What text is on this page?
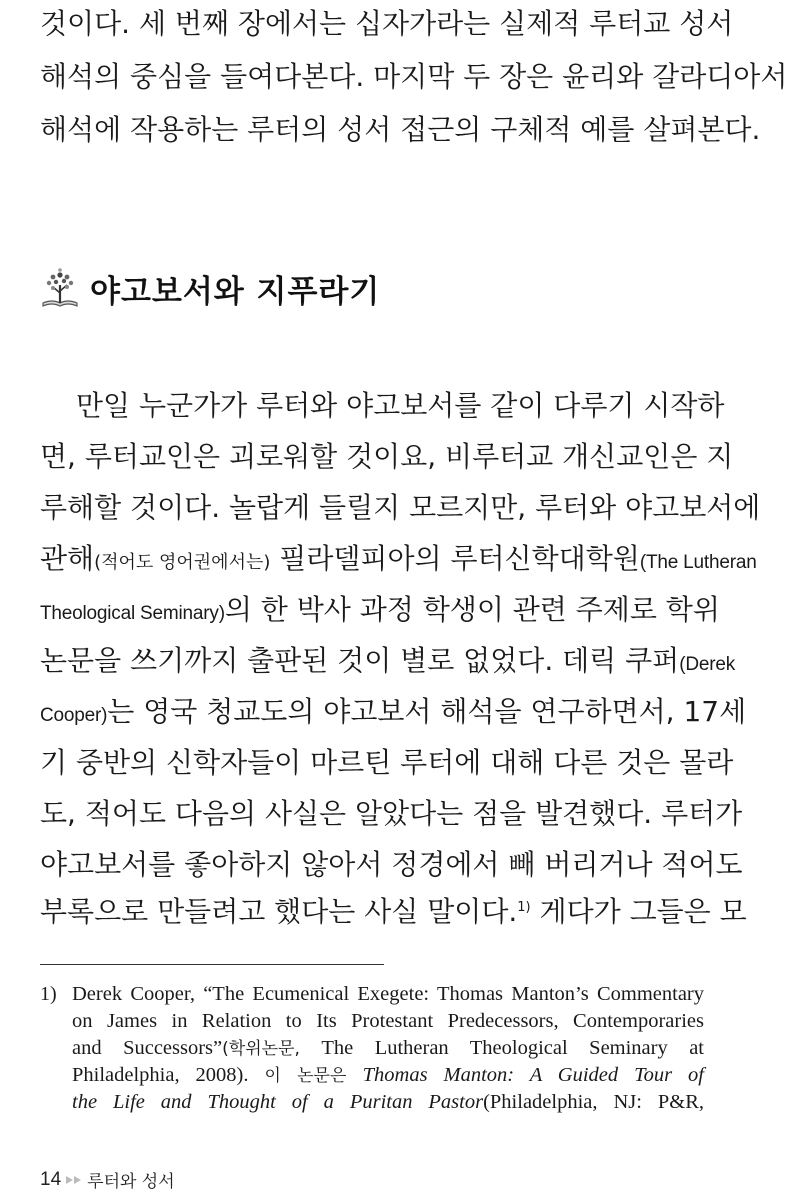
것이다. 세 번째 장에서는 십자가라는 실제적 루터교 성서
해석의 중심을 들여다본다. 마지막 두 장은 윤리와 갈라디아서
해석에 작용하는 루터의 성서 접근의 구체적 예를 살펴본다.
야고보서와 지푸라기
만일 누군가가 루터와 야고보서를 같이 다루기 시작하
면, 루터교인은 괴로워할 것이요, 비루터교 개신교인은 지
루해할 것이다. 놀랍게 들릴지 모르지만, 루터와 야고보서에
관해(적어도 영어권에서는) 필라델피아의 루터신학대학원(The Lutheran
Theological Seminary)의 한 박사 과정 학생이 관련 주제로 학위
논문을 쓰기까지 출판된 것이 별로 없었다. 데릭 쿠퍼(Derek
Cooper)는 영국 청교도의 야고보서 해석을 연구하면서, 17세
기 중반의 신학자들이 마르틴 루터에 대해 다른 것은 몰라
도, 적어도 다음의 사실은 알았다는 점을 발견했다. 루터가
야고보서를 좋아하지 않아서 정경에서 빼 버리거나 적어도
부록으로 만들려고 했다는 사실 말이다.$^{1)}$ 게다가 그들은 모
1) Derek Cooper, “The Ecumenical Exegete: Thomas Manton’s Commentary
on James in Relation to Its Protestant Predecessors, Contemporaries
and Successors”(학위논문, The Lutheran Theological Seminary at
Philadelphia, 2008). 이 논문은 Thomas Manton: A Guided Tour of
the Life and Thought of a Puritan Pastor(Philadelphia, NJ: P&R,
14 루터와 성서
